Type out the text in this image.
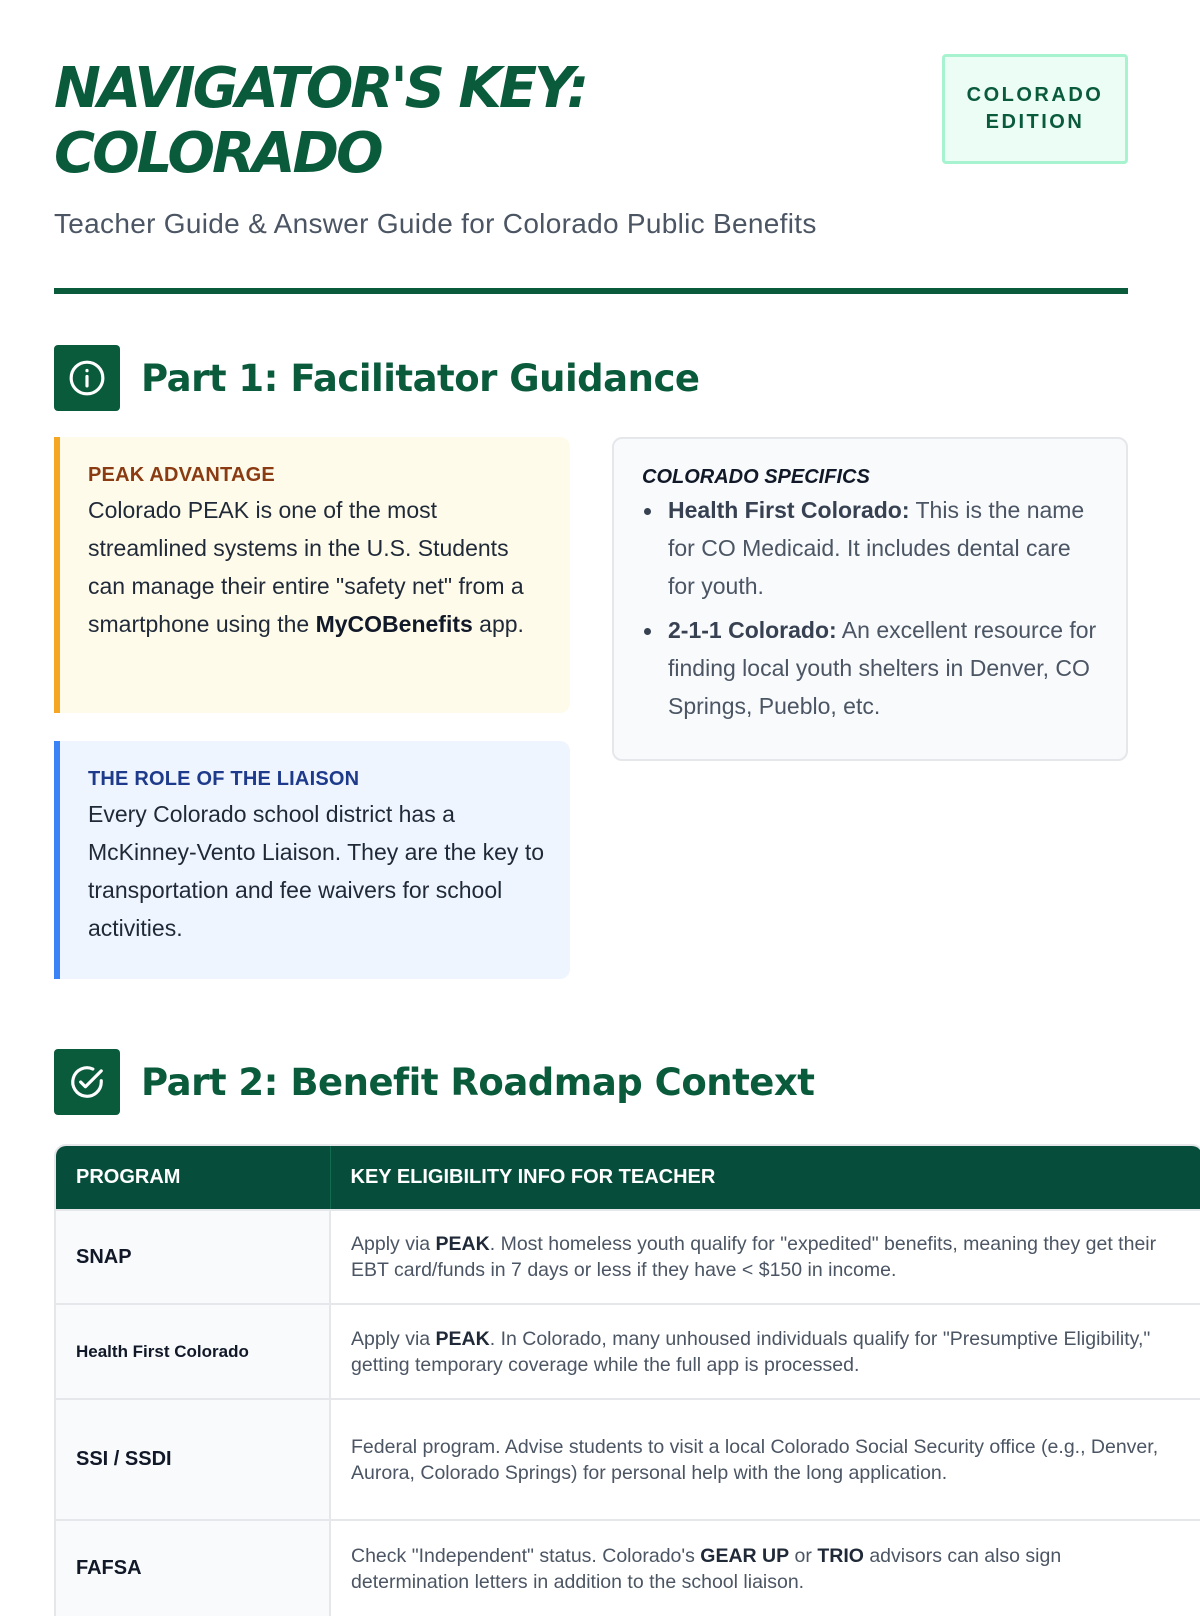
NAVIGATOR'S KEY:
COLORADO
COLORADO
EDITION

Teacher Guide & Answer Guide for Colorado Public Benefits

Part 1: Facilitator Guidance
PEAK ADVANTAGE
Colorado PEAK is one of the most streamlined systems in the U.S. Students can manage their entire "safety net" from a smartphone using the MyCOBenefits app.
THE ROLE OF THE LIAISON
Every Colorado school district has a McKinney-Vento Liaison. They are the key to transportation and fee waivers for school activities.
COLORADO SPECIFICS
Health First Colorado: This is the name for CO Medicaid. It includes dental care for youth.
2-1-1 Colorado: An excellent resource for finding local youth shelters in Denver, CO Springs, Pueblo, etc.
Part 2: Benefit Roadmap Context
PROGRAM	KEY ELIGIBILITY INFO FOR TEACHER
SNAP	Apply via PEAK. Most homeless youth qualify for "expedited" benefits, meaning they get their EBT card/funds in 7 days or less if they have < $150 in income.
Health First Colorado	Apply via PEAK. In Colorado, many unhoused individuals qualify for "Presumptive Eligibility," getting temporary coverage while the full app is processed.
SSI / SSDI	Federal program. Advise students to visit a local Colorado Social Security office (e.g., Denver, Aurora, Colorado Springs) for personal help with the long application.
FAFSA	Check "Independent" status. Colorado's GEAR UP or TRIO advisors can also sign determination letters in addition to the school liaison.
